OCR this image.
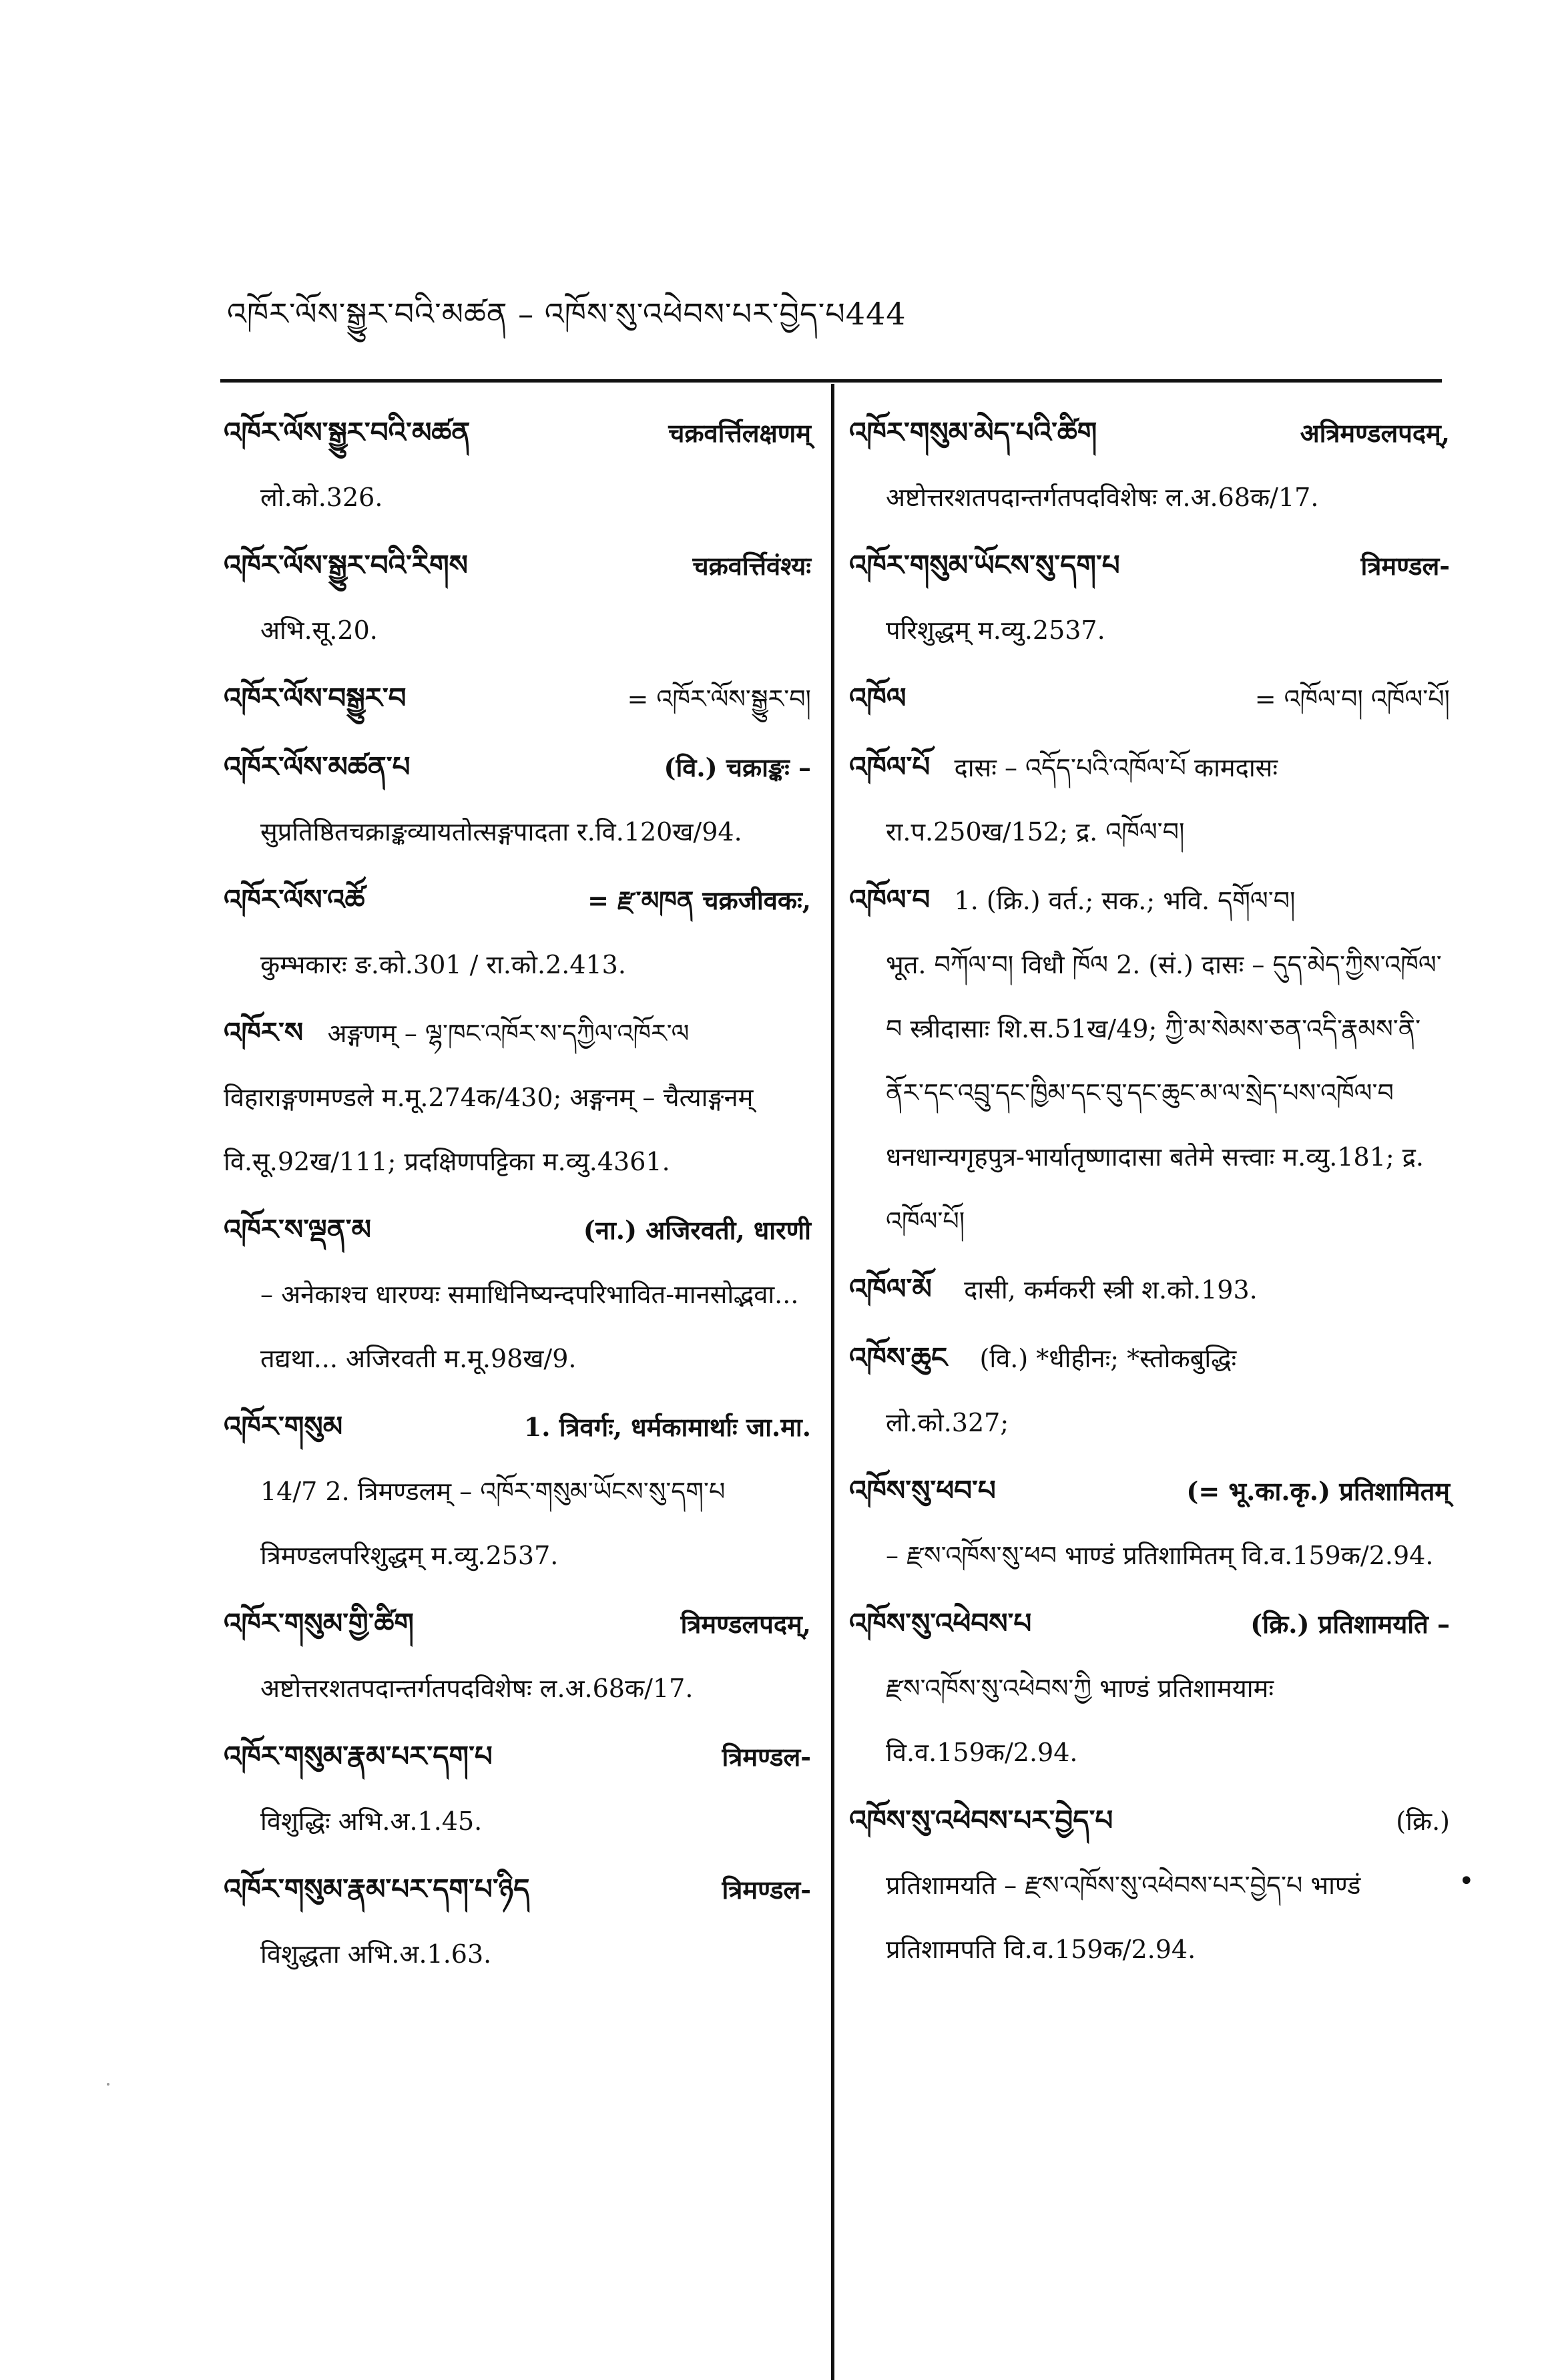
འཁོར་ལོས་སྒྱུར་བའི་མཚན – འཁོས་སུ་འཕེབས་པར་བྱེད་པ444
འཁོར་ལོས་སྒྱུར་བའི་མཚན	चक्रवर्त्तिलक्षणम्
लो.को.326.
འཁོར་ལོས་སྒྱུར་བའི་རིགས	चक्रवर्त्तिवंश्यः
अभि.सू.20.
འཁོར་ལོས་བསྒྱུར་བ	= འཁོར་ལོས་སྒྱུར་བ།
འཁོར་ལོས་མཚན་པ	(वि.) चक्राङ्कः –
सुप्रतिष्ठितचक्राङ्कव्यायतोत्सङ्गपादता र.वि.120ख/94.
འཁོར་ལོས་འཚོ	= རྫ་མཁན चक्रजीवकः,
कुम्भकारः ङ.को.301 / रा.को.2.413.
འཁོར་ས अङ्गणम् – ལྷ་ཁང་འཁོར་ས་དཀྱིལ་འཁོར་ལ विहाराङ्गणमण्डले म.मू.274क/430; अङ्गनम् – चैत्याङ्गनम् वि.सू.92ख/111; प्रदक्षिणपट्टिका म.व्यु.4361.
འཁོར་ས་ལྡན་མ	(ना.) अजिरवती, धारणी
– अनेकाश्च धारण्यः समाधिनिष्यन्दपरिभावित-मानसोद्भवा... तद्यथा... अजिरवती म.मू.98ख/9.
འཁོར་གསུམ	1. त्रिवर्गः, धर्मकामार्थाः जा.मा.
14/7 2. त्रिमण्डलम् – འཁོར་གསུམ་ཡོངས་སུ་དག་པ त्रिमण्डलपरिशुद्धम् म.व्यु.2537.
འཁོར་གསུམ་གྱི་ཚིག	त्रिमण्डलपदम्,
अष्टोत्तरशतपदान्तर्गतपदविशेषः ल.अ.68क/17.
འཁོར་གསུམ་རྣམ་པར་དག་པ	त्रिमण्डल-
विशुद्धिः अभि.अ.1.45.
འཁོར་གསུམ་རྣམ་པར་དག་པ་ཉིད	त्रिमण्डल-
विशुद्धता अभि.अ.1.63.
འཁོར་གསུམ་མེད་པའི་ཚིག	अत्रिमण्डलपदम्,
अष्टोत्तरशतपदान्तर्गतपदविशेषः ल.अ.68क/17.
འཁོར་གསུམ་ཡོངས་སུ་དག་པ	त्रिमण्डल-
परिशुद्धम् म.व्यु.2537.
འཁོལ	= འཁོལ་བ། འཁོལ་པོ།
འཁོལ་པོ दासः – འདོད་པའི་འཁོལ་པོ कामदासः
रा.प.250ख/152; द्र. འཁོལ་བ།
འཁོལ་བ 1. (क्रि.) वर्त.; सक.; भवि. དགོལ་བ།
भूत. བཀོལ་བ། विधौ ཁོལ 2. (सं.) दासः – དུད་མེད་ཀྱིས་འཁོལ་བ स्त्रीदासाः शि.स.51ख/49; ཀྱི་མ་སེམས་ཅན་འདི་རྣམས་ནི་ནོར་དང་འབྲུ་དང་ཁྱིམ་དང་བུ་དང་ཆུང་མ་ལ་སྲེད་པས་འཁོལ་བ धनधान्यगृहपुत्र-भार्यातृष्णादासा बतेमे सत्त्वाः म.व्यु.181; द्र. འཁོལ་པོ།
འཁོལ་མོ दासी, कर्मकरी स्त्री श.को.193.
འཁོས་ཆུང (वि.) *धीहीनः; *स्तोकबुद्धिः
लो.को.327;
འཁོས་སུ་ཕབ་པ	(= भू.का.कृ.) प्रतिशामितम्
– རྫས་འཁོས་སུ་ཕབ भाण्डं प्रतिशामितम् वि.व.159क/2.94.
འཁོས་སུ་འཕེབས་པ	(क्रि.) प्रतिशामयति –
རྫས་འཁོས་སུ་འཕེབས་ཀྱི भाण्डं प्रतिशामयामः वि.व.159क/2.94.
འཁོས་སུ་འཕེབས་པར་བྱེད་པ	(क्रि.)
प्रतिशामयति – རྫས་འཁོས་སུ་འཕེབས་པར་བྱེད་པ भाण्डं प्रतिशामपति वि.व.159क/2.94.
•
